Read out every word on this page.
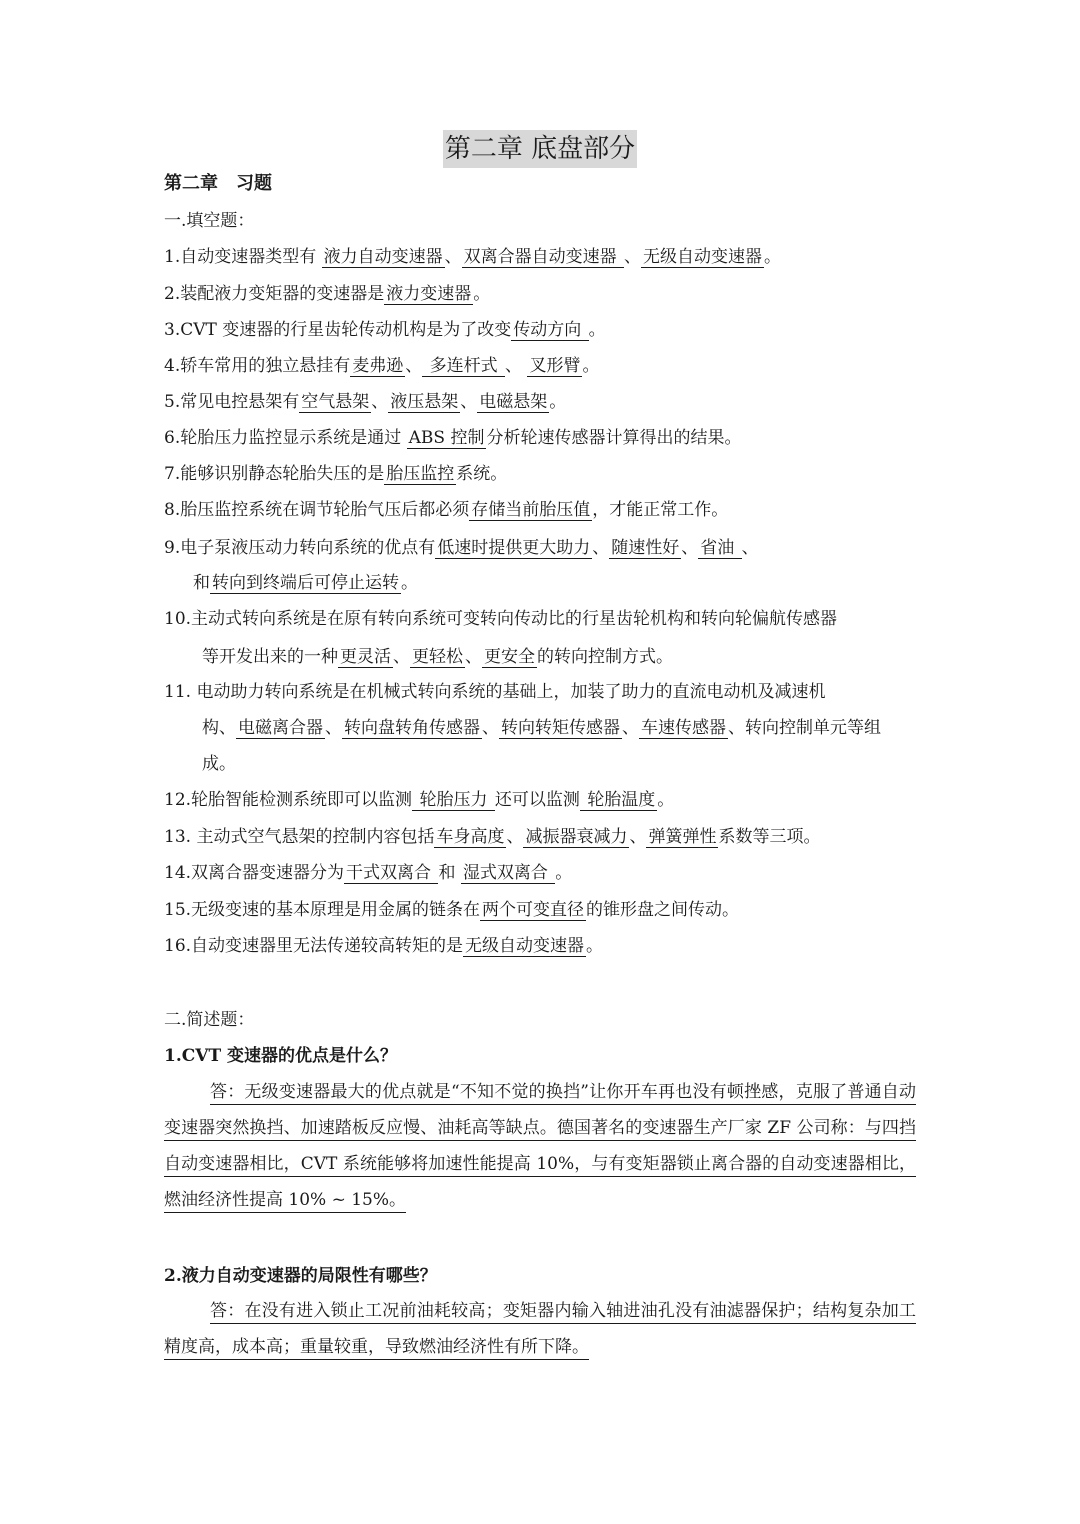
第二章 底盘部分
第二章　习题
一.填空题：
1.自动变速器类型有 液力自动变速器 、 双离合器自动变速器 、 无级自动变速器 。
2.装配液力变矩器的变速器是 液力变速器 。
3.CVT 变速器的行星齿轮传动机构是为了改变 传动方向 。
4.轿车常用的独立悬挂有 麦弗逊 、 多连杆式 、 叉形臂 。
5.常见电控悬架有 空气悬架 、 液压悬架 、 电磁悬架 。
6.轮胎压力监控显示系统是通过 ABS 控制 分析轮速传感器计算得出的结果。
7.能够识别静态轮胎失压的是 胎压监控 系统。
8.胎压监控系统在调节轮胎气压后都必须 存储当前胎压值 ，才能正常工作。
9.电子泵液压动力转向系统的优点有 低速时提供更大助力 、 随速性好 、 省油 、
和 转向到终端后可停止运转 。
10.主动式转向系统是在原有转向系统可变转向传动比的行星齿轮机构和转向轮偏航传感器
等开发出来的一种 更灵活 、 更轻松 、 更安全 的转向控制方式。
11. 电动助力转向系统是在机械式转向系统的基础上，加装了助力的直流电动机及减速机
构、 电磁离合器 、 转向盘转角传感器 、 转向转矩传感器 、 车速传感器 、转向控制单元等组
成。
12.轮胎智能检测系统即可以监测 轮胎压力 还可以监测 轮胎温度 。
13. 主动式空气悬架的控制内容包括 车身高度 、 减振器衰减力 、 弹簧弹性 系数等三项。
14.双离合器变速器分为 干式双离合 和 湿式双离合 。
15.无级变速的基本原理是用金属的链条在 两个可变直径 的锥形盘之间传动。
16.自动变速器里无法传递较高转矩的是 无级自动变速器 。
二.简述题：
1.CVT 变速器的优点是什么？
答：无级变速器最大的优点就是“不知不觉的换挡”让你开车再也没有顿挫感，克服了普通自动变速器突然换挡、加速踏板反应慢、油耗高等缺点。德国著名的变速器生产厂家 ZF 公司称：与四挡自动变速器相比，CVT 系统能够将加速性能提高 10%，与有变矩器锁止离合器的自动变速器相比，燃油经济性提高 10% ~ 15%。
2.液力自动变速器的局限性有哪些？
答：在没有进入锁止工况前油耗较高；变矩器内输入轴进油孔没有油滤器保护；结构复杂加工精度高，成本高；重量较重，导致燃油经济性有所下降。
